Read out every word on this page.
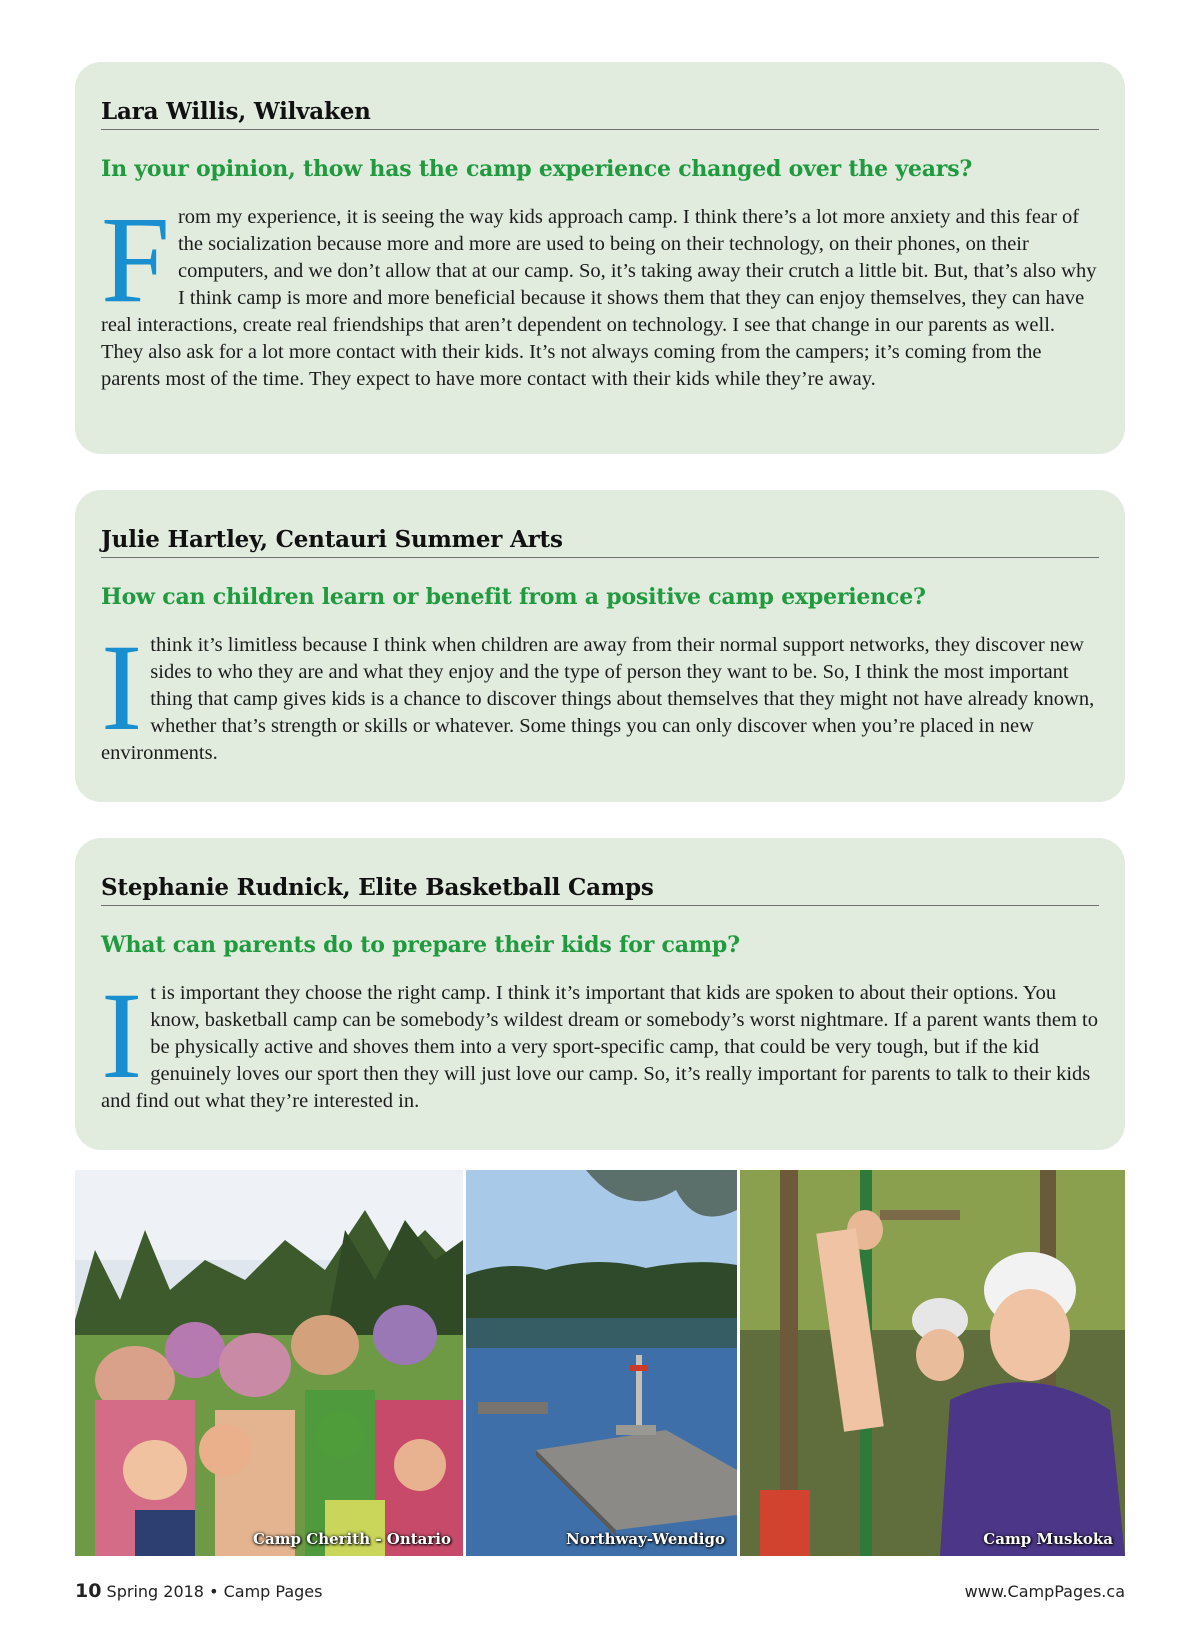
Lara Willis, Wilvaken
In your opinion, thow has the camp experience changed over the years?
F rom my experience, it is seeing the way kids approach camp. I think there’s a lot more anxiety and this fear of the socialization because more and more are used to being on their technology, on their phones, on their computers, and we don’t allow that at our camp. So, it’s taking away their crutch a little bit. But, that’s also why I think camp is more and more beneficial because it shows them that they can enjoy themselves, they can have real interactions, create real friendships that aren’t dependent on technology. I see that change in our parents as well. They also ask for a lot more contact with their kids. It’s not always coming from the campers; it’s coming from the parents most of the time. They expect to have more contact with their kids while they’re away.
Julie Hartley, Centauri Summer Arts
How can children learn or benefit from a positive camp experience?
I think it’s limitless because I think when children are away from their normal support networks, they discover new sides to who they are and what they enjoy and the type of person they want to be. So, I think the most important thing that camp gives kids is a chance to discover things about themselves that they might not have already known, whether that’s strength or skills or whatever. Some things you can only discover when you’re placed in new environments.
Stephanie Rudnick, Elite Basketball Camps
What can parents do to prepare their kids for camp?
I t is important they choose the right camp. I think it’s important that kids are spoken to about their options. You know, basketball camp can be somebody’s wildest dream or somebody’s worst nightmare. If a parent wants them to be physically active and shoves them into a very sport-specific camp, that could be very tough, but if the kid genuinely loves our sport then they will just love our camp. So, it’s really important for parents to talk to their kids and find out what they’re interested in.
Camp Cherith - Ontario	Northway-Wendigo	Camp Muskoka
10 Spring 2018 • Camp Pages	www.CampPages.ca
